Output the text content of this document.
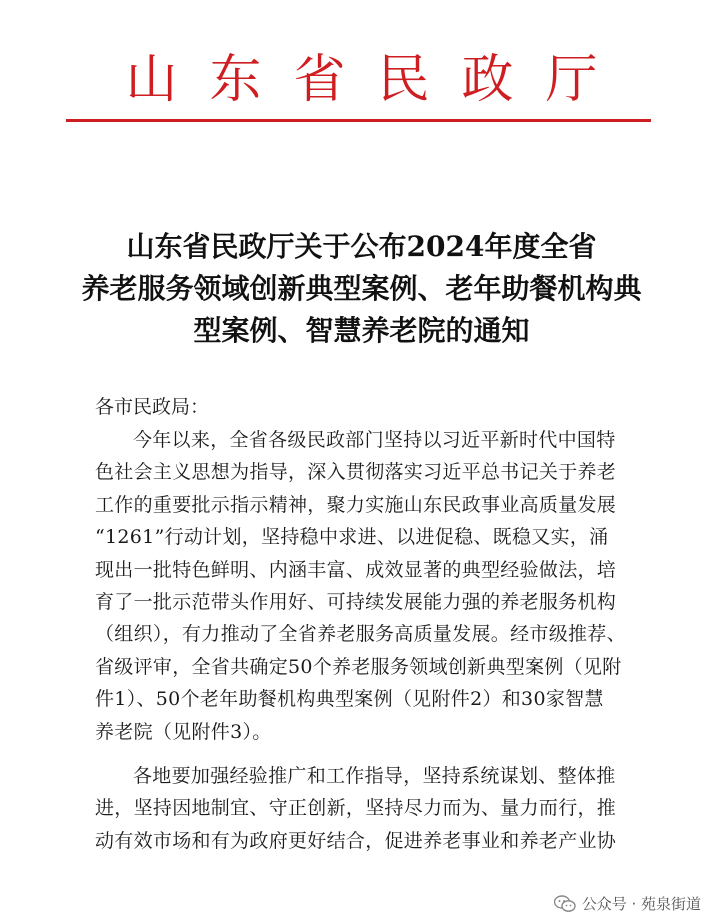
山东省民政厅
山东省民政厅关于公布2024年度全省
养老服务领域创新典型案例、老年助餐机构典
型案例、智慧养老院的通知
各市民政局：
今年以来，全省各级民政部门坚持以习近平新时代中国特
色社会主义思想为指导，深入贯彻落实习近平总书记关于养老
工作的重要批示指示精神，聚力实施山东民政事业高质量发展
“1261”行动计划，坚持稳中求进、以进促稳、既稳又实，涌
现出一批特色鲜明、内涵丰富、成效显著的典型经验做法，培
育了一批示范带头作用好、可持续发展能力强的养老服务机构
（组织），有力推动了全省养老服务高质量发展。经市级推荐、
省级评审，全省共确定50个养老服务领域创新典型案例（见附
件1）、50个老年助餐机构典型案例（见附件2）和30家智慧
养老院（见附件3）。
各地要加强经验推广和工作指导，坚持系统谋划、整体推
进，坚持因地制宜、守正创新，坚持尽力而为、量力而行，推
动有效市场和有为政府更好结合，促进养老事业和养老产业协
公众号 · 苑泉街道
